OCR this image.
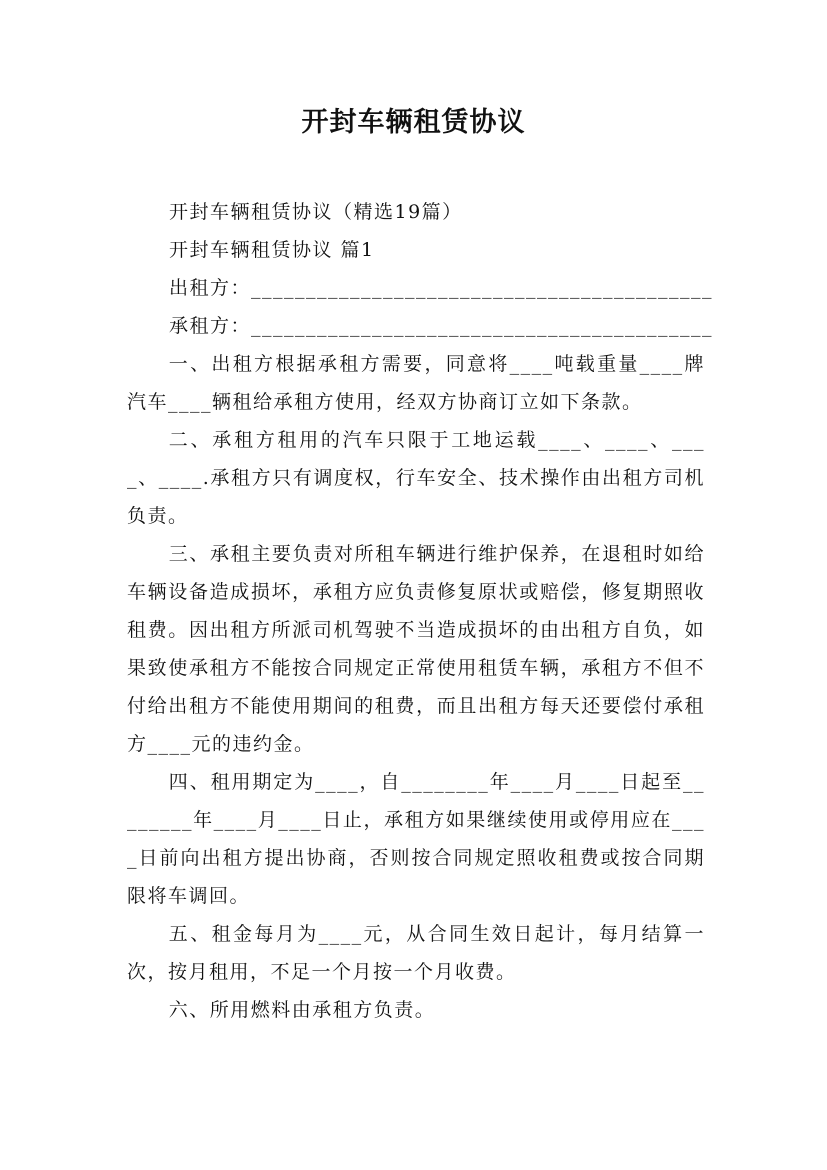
开封车辆租赁协议

开封车辆租赁协议（精选19篇）

开封车辆租赁协议 篇1

出租方：__________________________________________

承租方：__________________________________________

一、出租方根据承租方需要，同意将____吨载重量____牌汽车____辆租给承租方使用，经双方协商订立如下条款。

二、承租方租用的汽车只限于工地运载____、____、____、____.承租方只有调度权，行车安全、技术操作由出租方司机负责。

三、承租主要负责对所租车辆进行维护保养，在退租时如给车辆设备造成损坏，承租方应负责修复原状或赔偿，修复期照收租费。因出租方所派司机驾驶不当造成损坏的由出租方自负，如果致使承租方不能按合同规定正常使用租赁车辆，承租方不但不付给出租方不能使用期间的租费，而且出租方每天还要偿付承租方____元的违约金。

四、租用期定为____，自________年____月____日起至________年____月____日止，承租方如果继续使用或停用应在____日前向出租方提出协商，否则按合同规定照收租费或按合同期限将车调回。

五、租金每月为____元，从合同生效日起计，每月结算一次，按月租用，不足一个月按一个月收费。

六、所用燃料由承租方负责。
